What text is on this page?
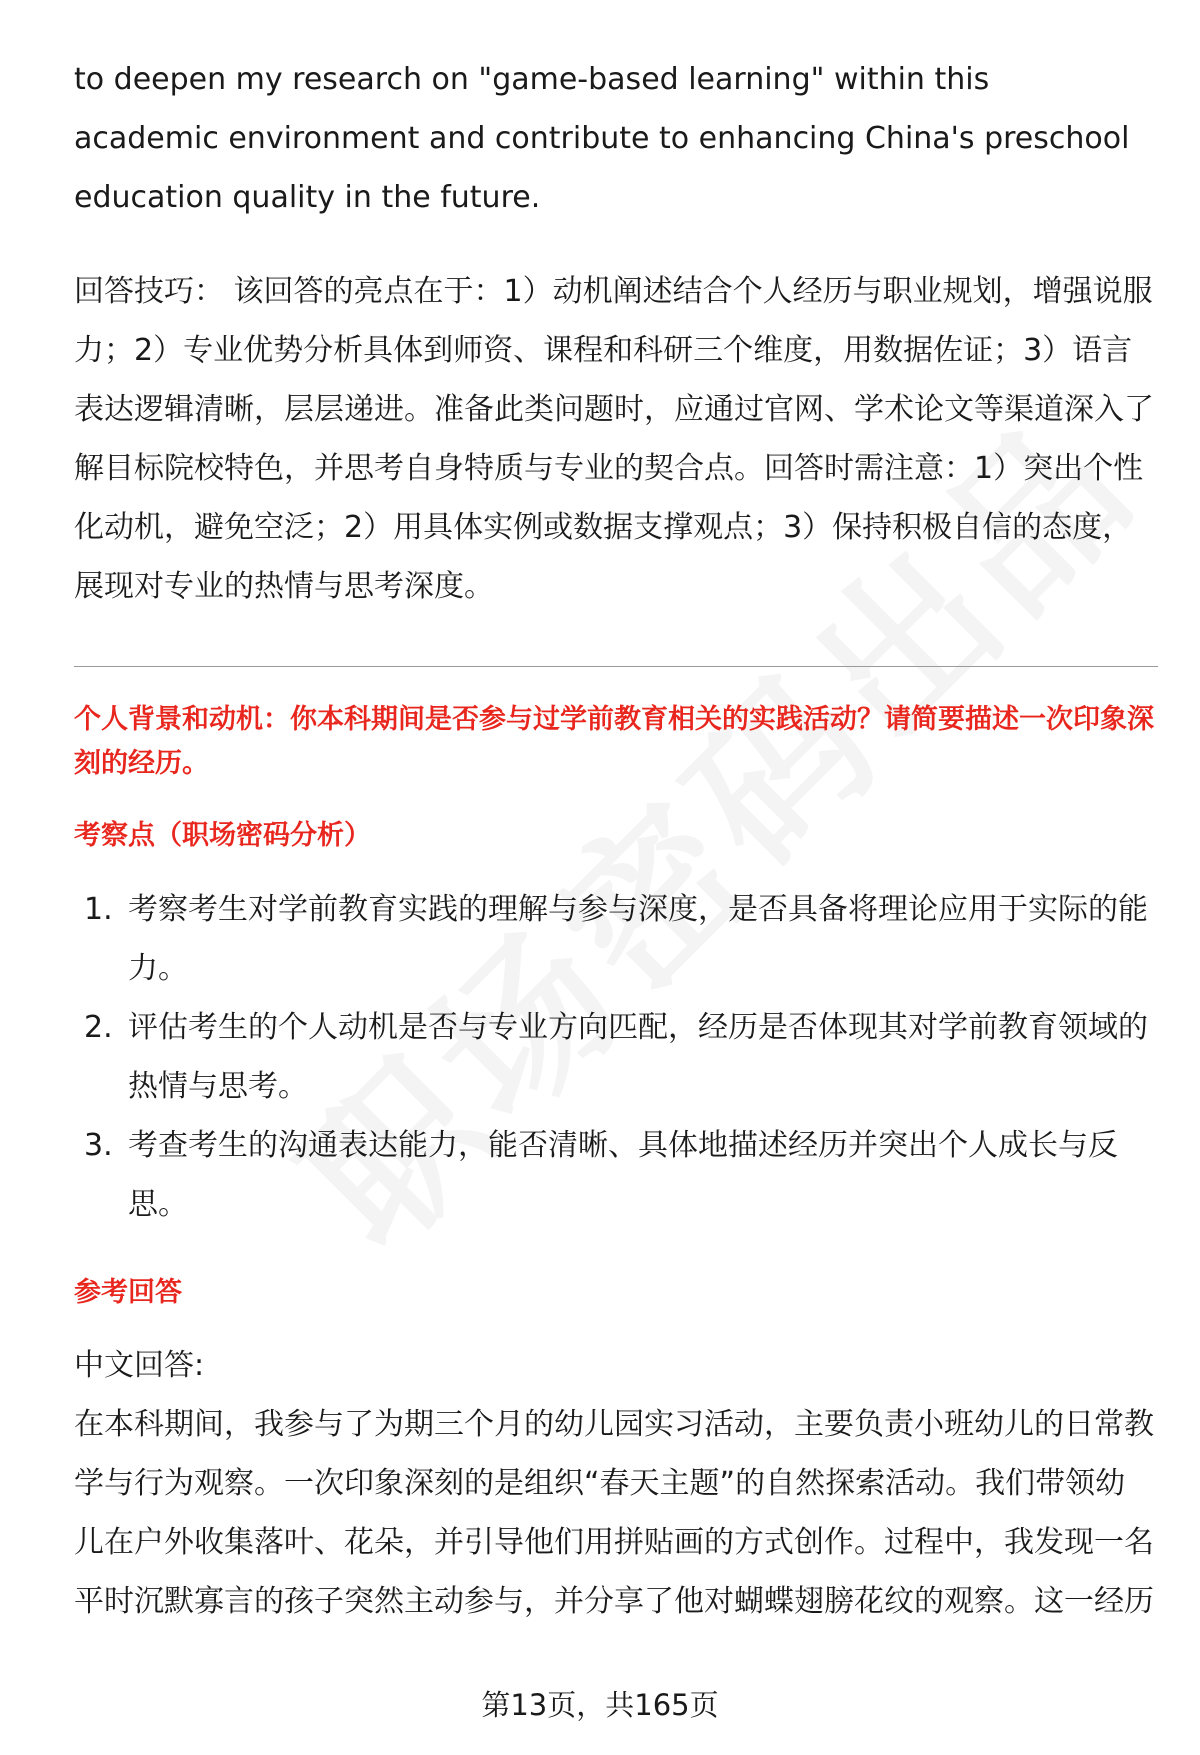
to deepen my research on "game-based learning" within this academic environment and contribute to enhancing China's preschool education quality in the future.

回答技巧： 该回答的亮点在于：1）动机阐述结合个人经历与职业规划，增强说服力；2）专业优势分析具体到师资、课程和科研三个维度，用数据佐证；3）语言表达逻辑清晰，层层递进。准备此类问题时，应通过官网、学术论文等渠道深入了解目标院校特色，并思考自身特质与专业的契合点。回答时需注意：1）突出个性化动机，避免空泛；2）用具体实例或数据支撑观点；3）保持积极自信的态度，展现对专业的热情与思考深度。

个人背景和动机：你本科期间是否参与过学前教育相关的实践活动？请简要描述一次印象深刻的经历。

考察点（职场密码分析）

1. 考察考生对学前教育实践的理解与参与深度，是否具备将理论应用于实际的能力。
2. 评估考生的个人动机是否与专业方向匹配，经历是否体现其对学前教育领域的热情与思考。
3. 考查考生的沟通表达能力，能否清晰、具体地描述经历并突出个人成长与反思。

参考回答

中文回答:

在本科期间，我参与了为期三个月的幼儿园实习活动，主要负责小班幼儿的日常教学与行为观察。一次印象深刻的是组织“春天主题”的自然探索活动。我们带领幼儿在户外收集落叶、花朵，并引导他们用拼贴画的方式创作。过程中，我发现一名平时沉默寡言的孩子突然主动参与，并分享了他对蝴蝶翅膀花纹的观察。这一经历

第13页，共165页
